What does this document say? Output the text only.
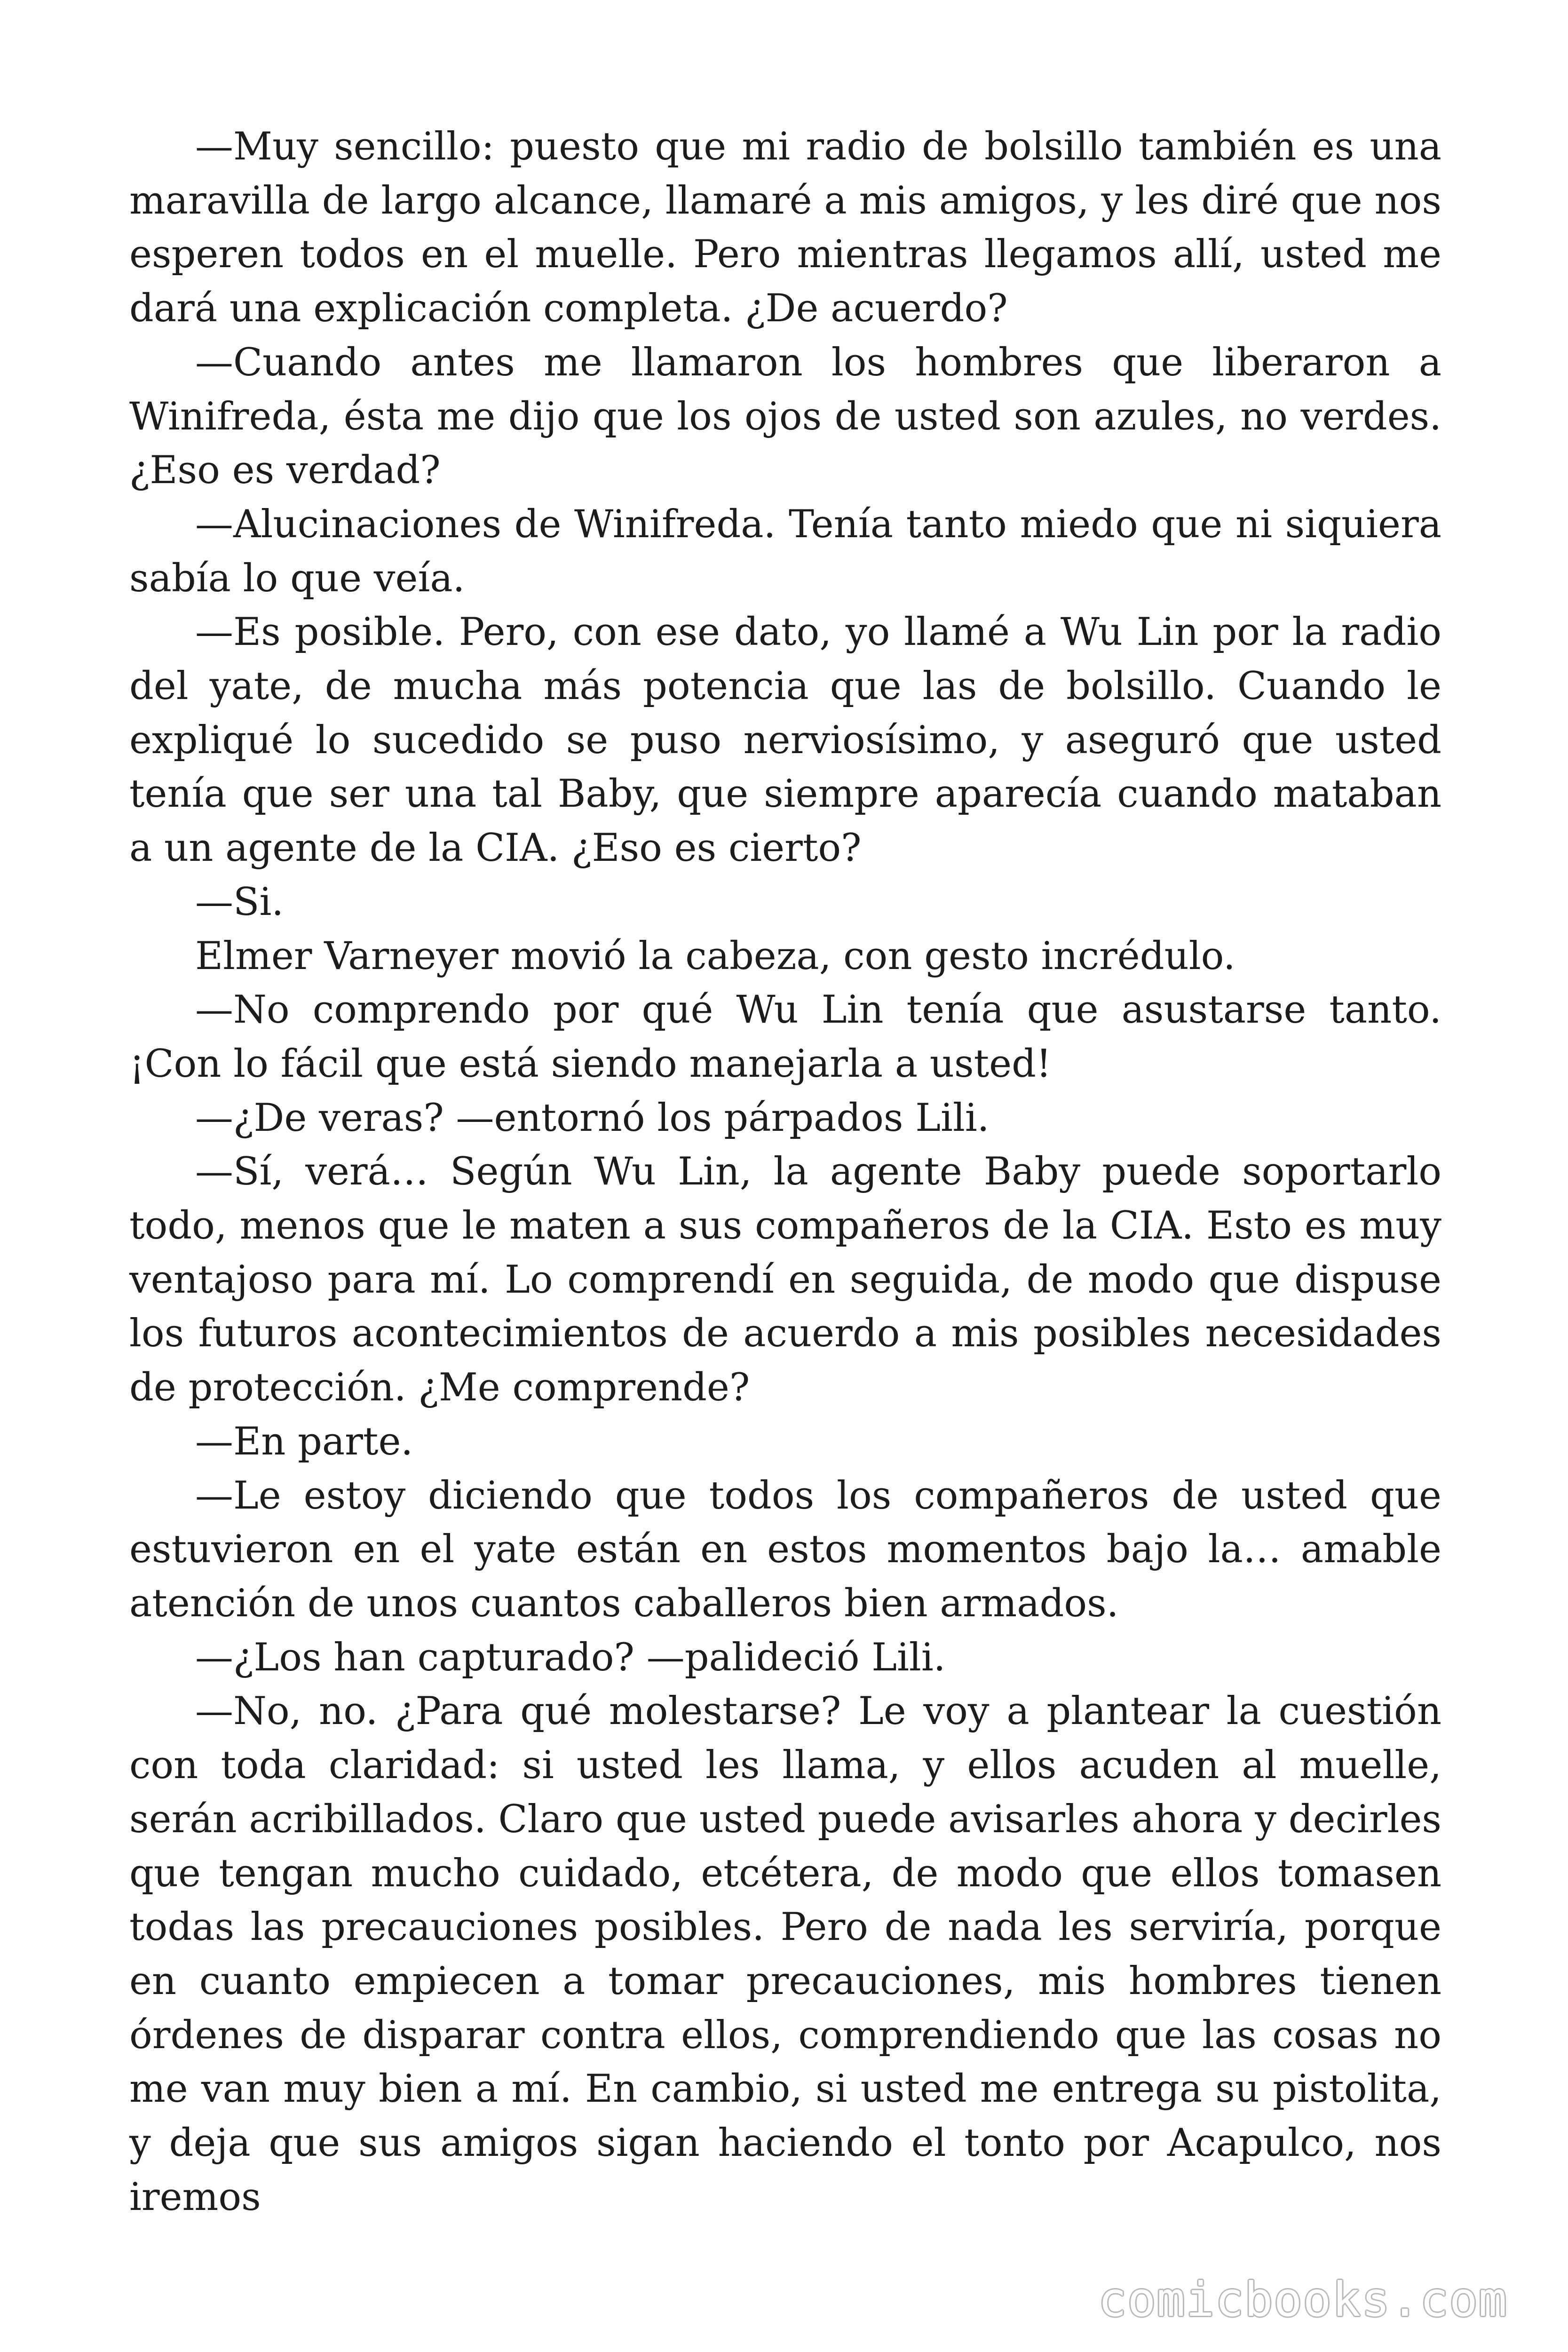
—Muy sencillo: puesto que mi radio de bolsillo también es una maravilla de largo alcance, llamaré a mis amigos, y les diré que nos esperen todos en el muelle. Pero mientras llegamos allí, usted me dará una explicación completa. ¿De acuerdo?

—Cuando antes me llamaron los hombres que liberaron a Winifreda, ésta me dijo que los ojos de usted son azules, no verdes. ¿Eso es verdad?

—Alucinaciones de Winifreda. Tenía tanto miedo que ni siquiera sabía lo que veía.

—Es posible. Pero, con ese dato, yo llamé a Wu Lin por la radio del yate, de mucha más potencia que las de bolsillo. Cuando le expliqué lo sucedido se puso nerviosísimo, y aseguró que usted tenía que ser una tal Baby, que siempre aparecía cuando mataban a un agente de la CIA. ¿Eso es cierto?

—Si.

Elmer Varneyer movió la cabeza, con gesto incrédulo.

—No comprendo por qué Wu Lin tenía que asustarse tanto. ¡Con lo fácil que está siendo manejarla a usted!

—¿De veras? —entornó los párpados Lili.

—Sí, verá… Según Wu Lin, la agente Baby puede soportarlo todo, menos que le maten a sus compañeros de la CIA. Esto es muy ventajoso para mí. Lo comprendí en seguida, de modo que dispuse los futuros acontecimientos de acuerdo a mis posibles necesidades de protección. ¿Me comprende?

—En parte.

—Le estoy diciendo que todos los compañeros de usted que estuvieron en el yate están en estos momentos bajo la… amable atención de unos cuantos caballeros bien armados.

—¿Los han capturado? —palideció Lili.

—No, no. ¿Para qué molestarse? Le voy a plantear la cuestión con toda claridad: si usted les llama, y ellos acuden al muelle, serán acribillados. Claro que usted puede avisarles ahora y decirles que tengan mucho cuidado, etcétera, de modo que ellos tomasen todas las precauciones posibles. Pero de nada les serviría, porque en cuanto empiecen a tomar precauciones, mis hombres tienen órdenes de disparar contra ellos, comprendiendo que las cosas no me van muy bien a mí. En cambio, si usted me entrega su pistolita, y deja que sus amigos sigan haciendo el tonto por Acapulco, nos iremos

comicbooks.com
